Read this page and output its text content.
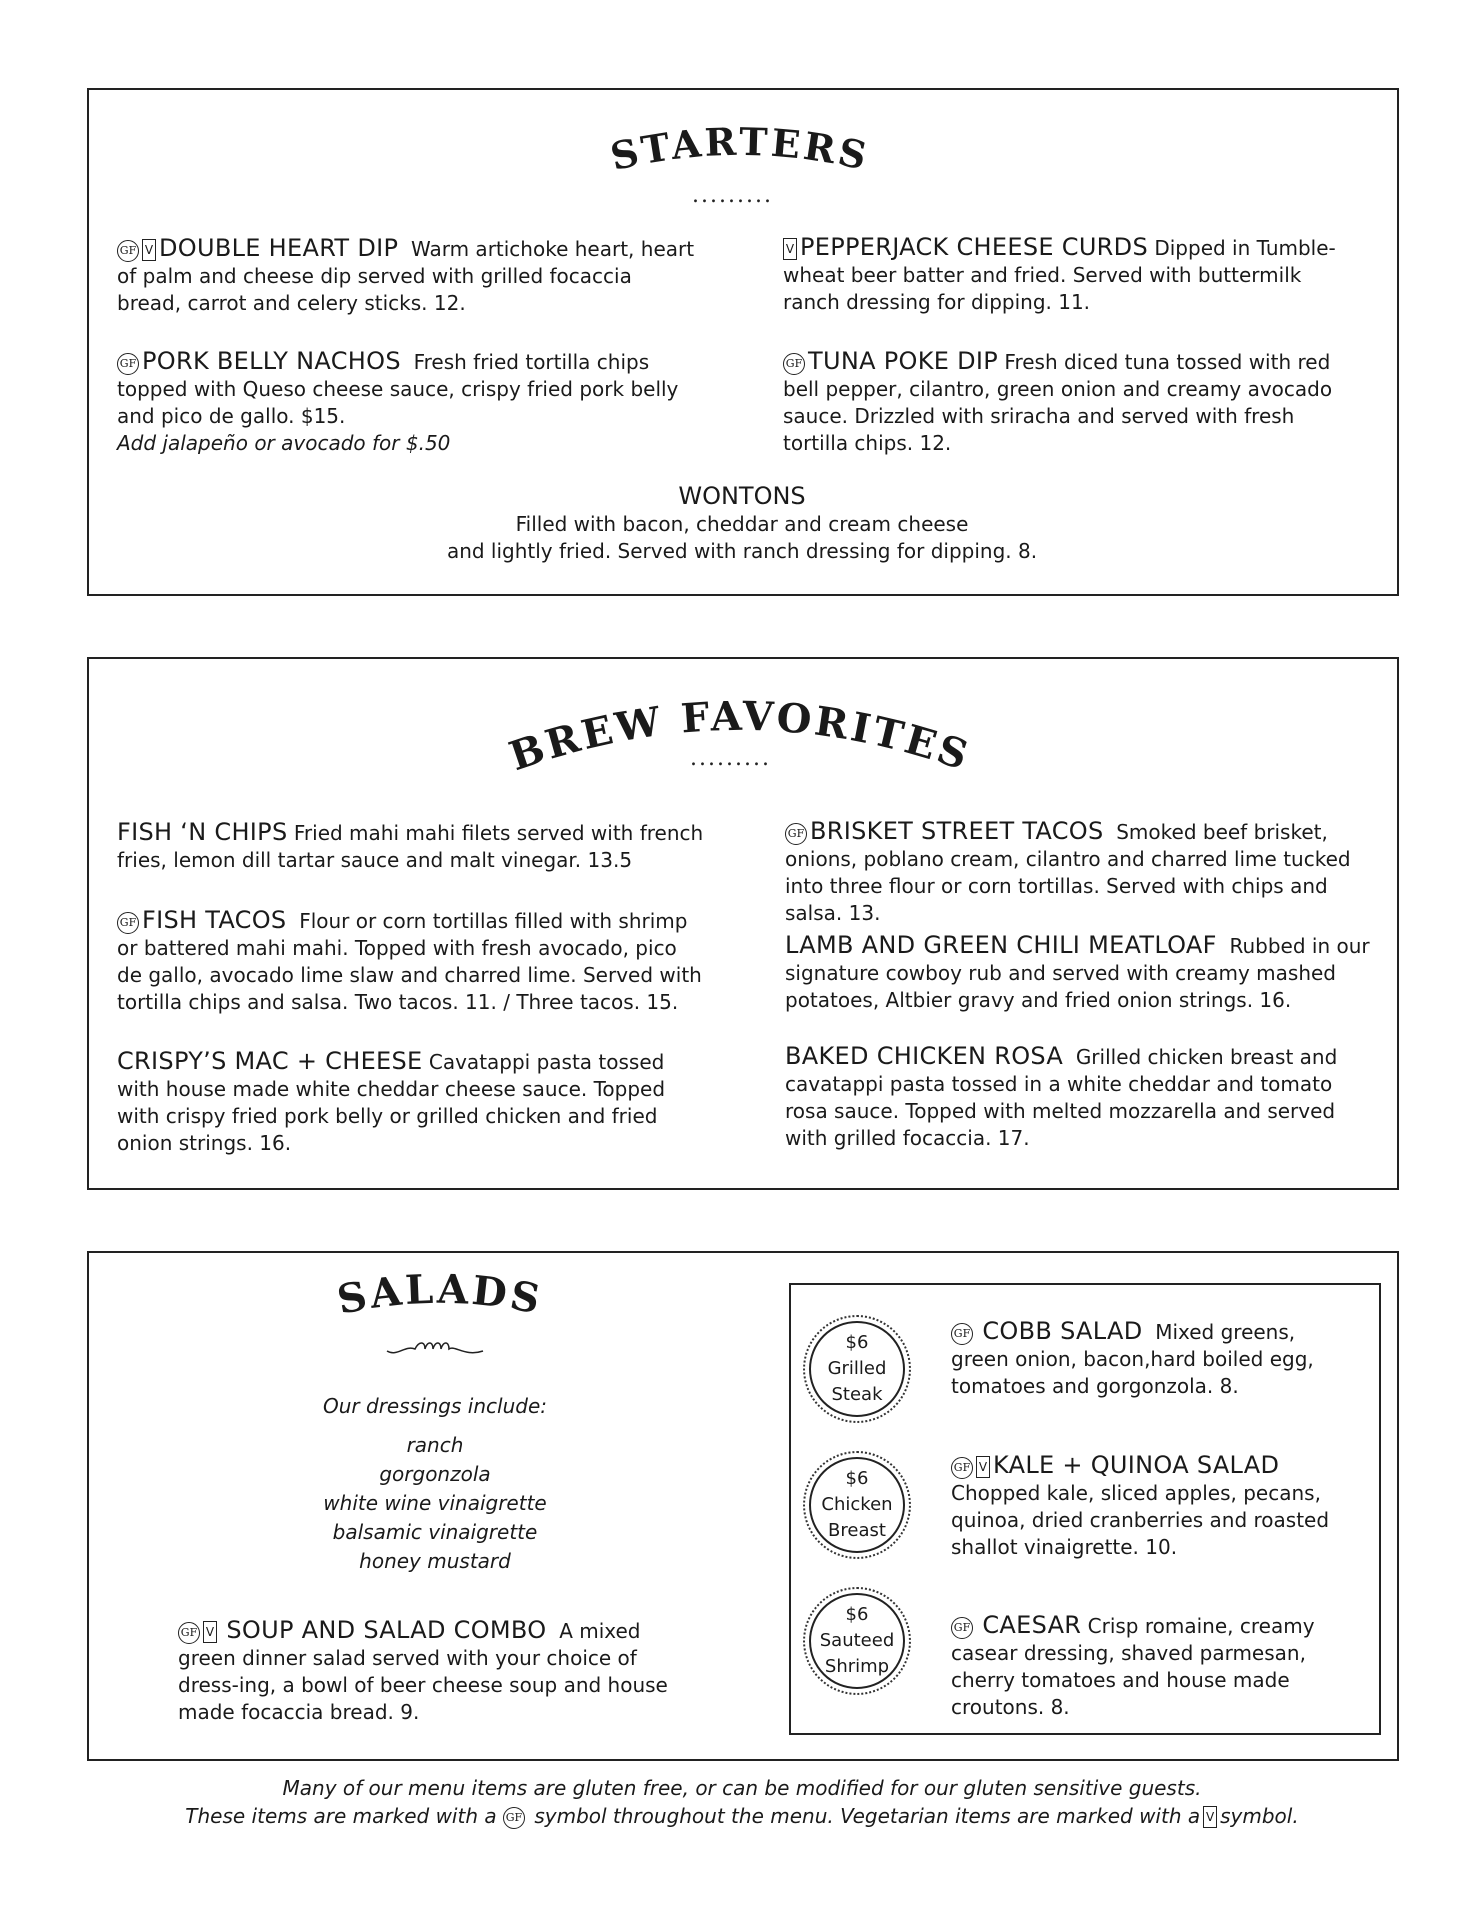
STARTERS
.........
GF V DOUBLE HEART DIP Warm artichoke heart, heart of palm and cheese dip served with grilled focaccia bread, carrot and celery sticks. 12.
GF PORK BELLY NACHOS Fresh fried tortilla chips topped with Queso cheese sauce, crispy fried pork belly and pico de gallo. $15.
Add jalapeño or avocado for $.50
V PEPPERJACK CHEESE CURDS Dipped in Tumble-wheat beer batter and fried. Served with buttermilk ranch dressing for dipping. 11.
GF TUNA POKE DIP Fresh diced tuna tossed with red bell pepper, cilantro, green onion and creamy avocado sauce. Drizzled with sriracha and served with fresh tortilla chips. 12.
WONTONS
Filled with bacon, cheddar and cream cheese
and lightly fried. Served with ranch dressing for dipping. 8.
BREW FAVORITES
.........
FISH ‘N CHIPS Fried mahi mahi filets served with french fries, lemon dill tartar sauce and malt vinegar. 13.5
GF FISH TACOS Flour or corn tortillas filled with shrimp or battered mahi mahi. Topped with fresh avocado, pico de gallo, avocado lime slaw and charred lime. Served with tortilla chips and salsa. Two tacos. 11. / Three tacos. 15.
CRISPY’S MAC + CHEESE Cavatappi pasta tossed with house made white cheddar cheese sauce. Topped with crispy fried pork belly or grilled chicken and fried onion strings. 16.
GF BRISKET STREET TACOS Smoked beef brisket, onions, poblano cream, cilantro and charred lime tucked into three flour or corn tortillas. Served with chips and salsa. 13.
LAMB AND GREEN CHILI MEATLOAF Rubbed in our signature cowboy rub and served with creamy mashed potatoes, Altbier gravy and fried onion strings. 16.
BAKED CHICKEN ROSA Grilled chicken breast and cavatappi pasta tossed in a white cheddar and tomato rosa sauce. Topped with melted mozzarella and served with grilled focaccia. 17.
SALADS
Our dressings include:
ranch
gorgonzola
white wine vinaigrette
balsamic vinaigrette
honey mustard
GF V SOUP AND SALAD COMBO A mixed green dinner salad served with your choice of dress-ing, a bowl of beer cheese soup and house made focaccia bread. 9.
$6
Grilled
Steak
$6
Chicken
Breast
$6
Sauteed
Shrimp
GF COBB SALAD Mixed greens, green onion, bacon,hard boiled egg, tomatoes and gorgonzola. 8.
GF V KALE + QUINOA SALAD
Chopped kale, sliced apples, pecans, quinoa, dried cranberries and roasted shallot vinaigrette. 10.
GF CAESAR Crisp romaine, creamy casear dressing, shaved parmesan, cherry tomatoes and house made croutons. 8.
Many of our menu items are gluten free, or can be modified for our gluten sensitive guests.
These items are marked with a GF symbol throughout the menu. Vegetarian items are marked with a V symbol.
